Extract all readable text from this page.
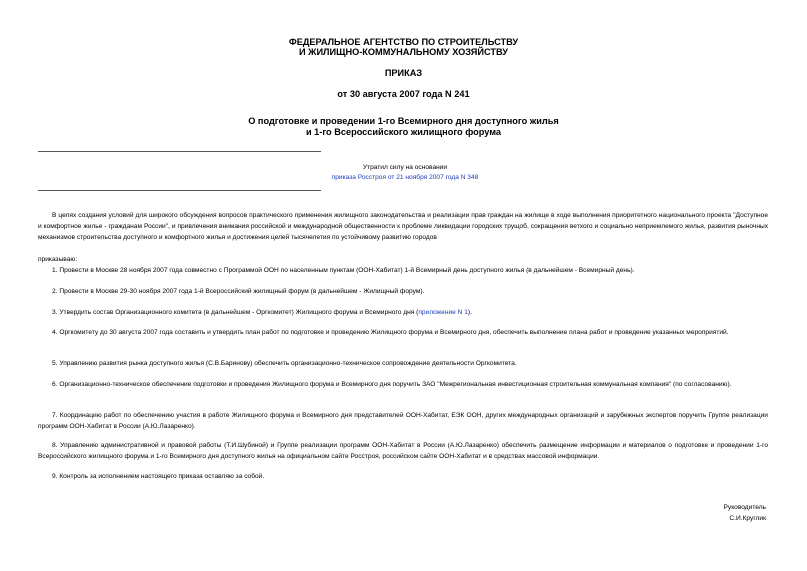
ФЕДЕРАЛЬНОЕ АГЕНТСТВО ПО СТРОИТЕЛЬСТВУ
И ЖИЛИЩНО-КОММУНАЛЬНОМУ ХОЗЯЙСТВУ
ПРИКАЗ
от 30 августа 2007 года N 241
О подготовке и проведении 1-го Всемирного дня доступного жилья
и 1-го Всероссийского жилищного форума
Утратил силу на основании
приказа Росстроя от 21 ноября 2007 года N 348
В целях создания условий для широкого обсуждения вопросов практического применения жилищного законодательства и реализации прав граждан на жилище в ходе выполнения приоритетного национального проекта "Доступное и комфортное жилье - гражданам России", и привлечения внимания российской и международной общественности к проблеме ликвидации городских трущоб, сокращения ветхого и социально неприемлемого жилья, развития рыночных механизмов строительства доступного и комфортного жилья и достижения целей тысячелетия по устойчивому развитию городов
приказываю:
1. Провести в Москве 28 ноября 2007 года совместно с Программой ООН по населенным пунктам (ООН-Хабитат) 1-й Всемирный день доступного жилья (в дальнейшем - Всемирный день).
2. Провести в Москве 29-30 ноября 2007 года 1-й Всероссийский жилищный форум (в дальнейшем - Жилищный форум).
3. Утвердить состав Организационного комитета (в дальнейшем - Оргкомитет) Жилищного форума и Всемирного дня (приложение N 1).
4. Оргкомитету до 30 августа 2007 года составить и утвердить план работ по подготовке и проведению Жилищного форума и Всемирного дня, обеспечить выполнение плана работ и проведение указанных мероприятий.
5. Управлению развития рынка доступного жилья (С.В.Баринову) обеспечить организационно-техническое сопровождение деятельности Оргкомитета.
6. Организационно-техническое обеспечение подготовки и проведения Жилищного форума и Всемирного дня поручить ЗАО "Межрегиональная инвестиционная строительная коммунальная компания" (по согласованию).
7. Координацию работ по обеспечению участия в работе Жилищного форума и Всемирного дня представителей ООН-Хабитат, ЕЭК ООН, других международных организаций и зарубежных экспертов поручить Группе реализации программ ООН-Хабитат в России (А.Ю.Лазаренко).
8. Управлению административной и правовой работы (Т.И.Шубиной) и Группе реализации программ ООН-Хабитат в России (А.Ю.Лазаренко) обеспечить размещение информации и материалов о подготовке и проведении 1-го Всероссийского жилищного форума и 1-го Всемирного дня доступного жилья на официальном сайте Росстроя, российском сайте ООН-Хабитат и в средствах массовой информации.
9. Контроль за исполнением настоящего приказа оставляю за собой.
Руководитель
С.И.Круглик
